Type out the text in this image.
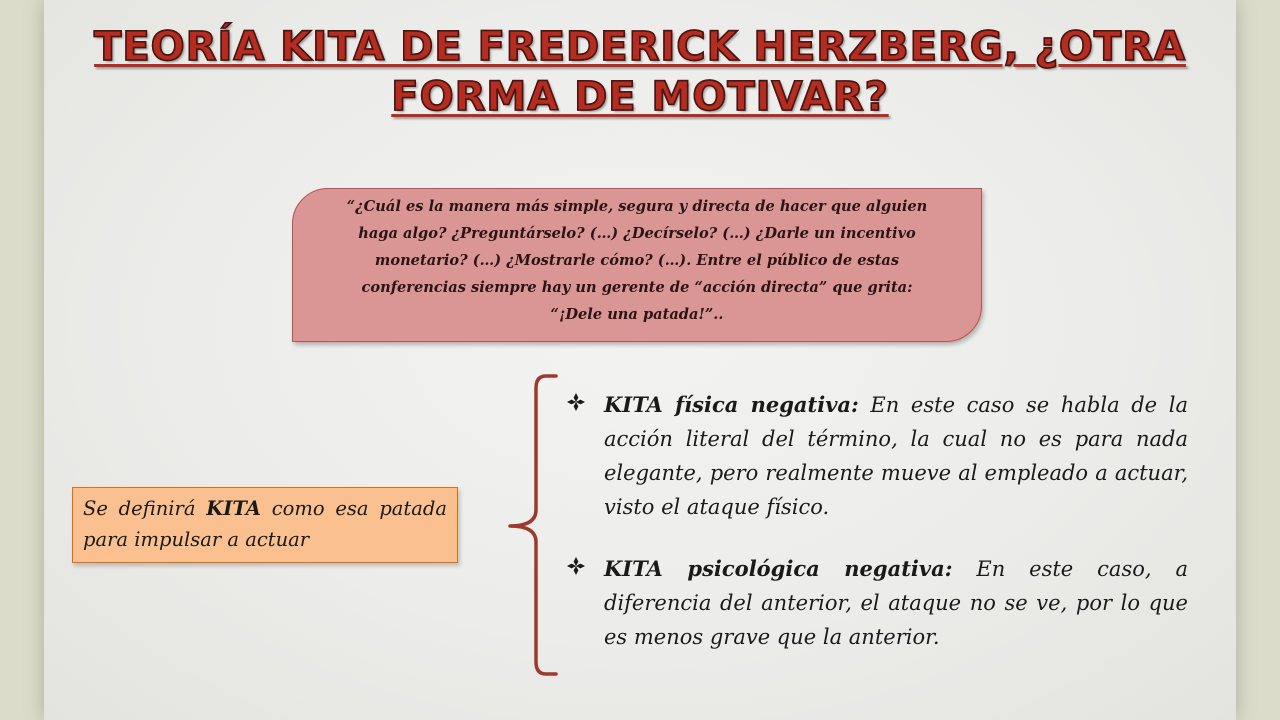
TEORÍA KITA DE FREDERICK HERZBERG, ¿OTRA FORMA DE MOTIVAR?

“¿Cuál es la manera más simple, segura y directa de hacer que alguien haga algo? ¿Preguntárselo? (…) ¿Decírselo? (…) ¿Darle un incentivo monetario? (…) ¿Mostrarle cómo? (…). Entre el público de estas conferencias siempre hay un gerente de “acción directa” que grita: “¡Dele una patada!”..

Se definirá KITA como esa patada para impulsar a actuar

KITA física negativa: En este caso se habla de la acción literal del término, la cual no es para nada elegante, pero realmente mueve al empleado a actuar, visto el ataque físico.

KITA psicológica negativa: En este caso, a diferencia del anterior, el ataque no se ve, por lo que es menos grave que la anterior.
